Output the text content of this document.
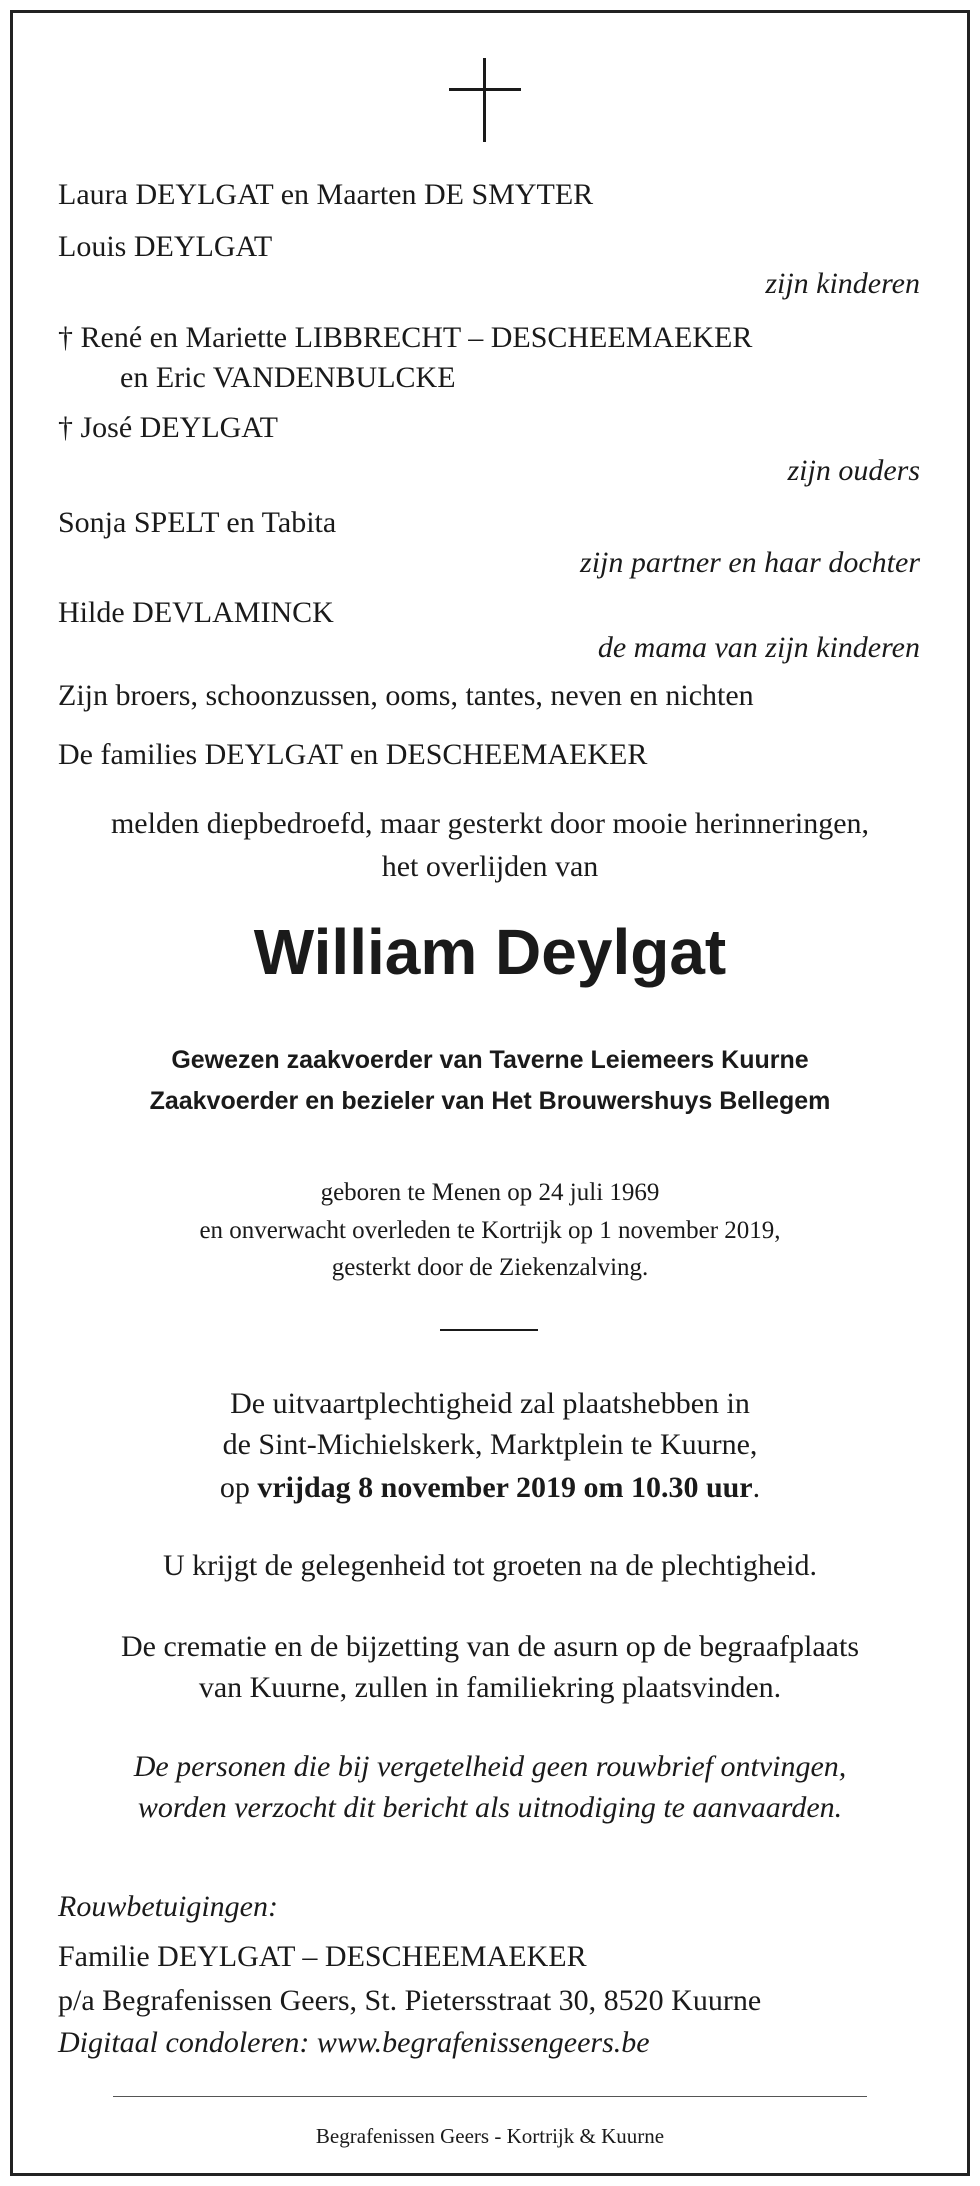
Laura DEYLGAT en Maarten DE SMYTER
Louis DEYLGAT
zijn kinderen
† René en Mariette LIBBRECHT – DESCHEEMAEKER
en Eric VANDENBULCKE
† José DEYLGAT
zijn ouders
Sonja SPELT en Tabita
zijn partner en haar dochter
Hilde DEVLAMINCK
de mama van zijn kinderen
Zijn broers, schoonzussen, ooms, tantes, neven en nichten
De families DEYLGAT en DESCHEEMAEKER
melden diepbedroefd, maar gesterkt door mooie herinneringen,
het overlijden van
William Deylgat
Gewezen zaakvoerder van Taverne Leiemeers Kuurne
Zaakvoerder en bezieler van Het Brouwershuys Bellegem
geboren te Menen op 24 juli 1969
en onverwacht overleden te Kortrijk op 1 november 2019,
gesterkt door de Ziekenzalving.
De uitvaartplechtigheid zal plaatshebben in
de Sint-Michielskerk, Marktplein te Kuurne,
op vrijdag 8 november 2019 om 10.30 uur.
U krijgt de gelegenheid tot groeten na de plechtigheid.
De crematie en de bijzetting van de asurn op de begraafplaats
van Kuurne, zullen in familiekring plaatsvinden.
De personen die bij vergetelheid geen rouwbrief ontvingen,
worden verzocht dit bericht als uitnodiging te aanvaarden.
Rouwbetuigingen:
Familie DEYLGAT – DESCHEEMAEKER
p/a Begrafenissen Geers, St. Pietersstraat 30, 8520 Kuurne
Digitaal condoleren: www.begrafenissengeers.be
Begrafenissen Geers - Kortrijk & Kuurne
